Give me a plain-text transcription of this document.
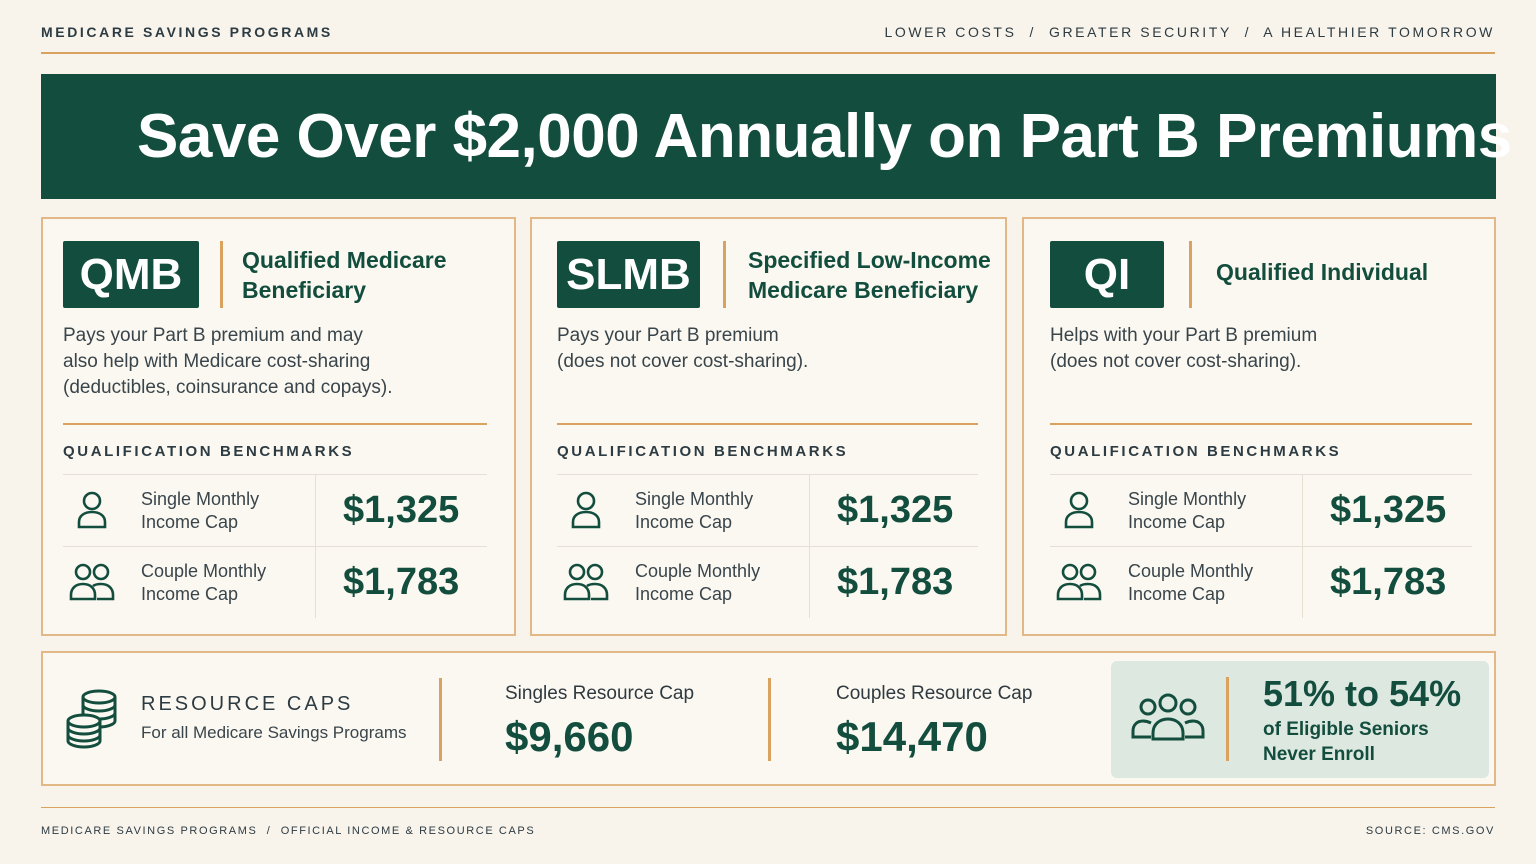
MEDICARE SAVINGS PROGRAMS	LOWER COSTS  /  GREATER SECURITY  /  A HEALTHIER TOMORROW
Save Over $2,000 Annually on Part B Premiums
QMB	Qualified Medicare
Beneficiary
Pays your Part B premium and may
also help with Medicare cost-sharing
(deductibles, coinsurance and copays).
QUALIFICATION BENCHMARKS
Single Monthly
Income Cap	$1,325
Couple Monthly
Income Cap	$1,783
SLMB	Specified Low-Income
Medicare Beneficiary
Pays your Part B premium
(does not cover cost-sharing).
QUALIFICATION BENCHMARKS
Single Monthly
Income Cap	$1,325
Couple Monthly
Income Cap	$1,783
QI	Qualified Individual
Helps with your Part B premium
(does not cover cost-sharing).
QUALIFICATION BENCHMARKS
Single Monthly
Income Cap	$1,325
Couple Monthly
Income Cap	$1,783
RESOURCE CAPS
For all Medicare Savings Programs
Singles Resource Cap
$9,660
Couples Resource Cap
$14,470
51% to 54%
of Eligible Seniors
Never Enroll
MEDICARE SAVINGS PROGRAMS  /  OFFICIAL INCOME & RESOURCE CAPS	SOURCE: CMS.GOV
